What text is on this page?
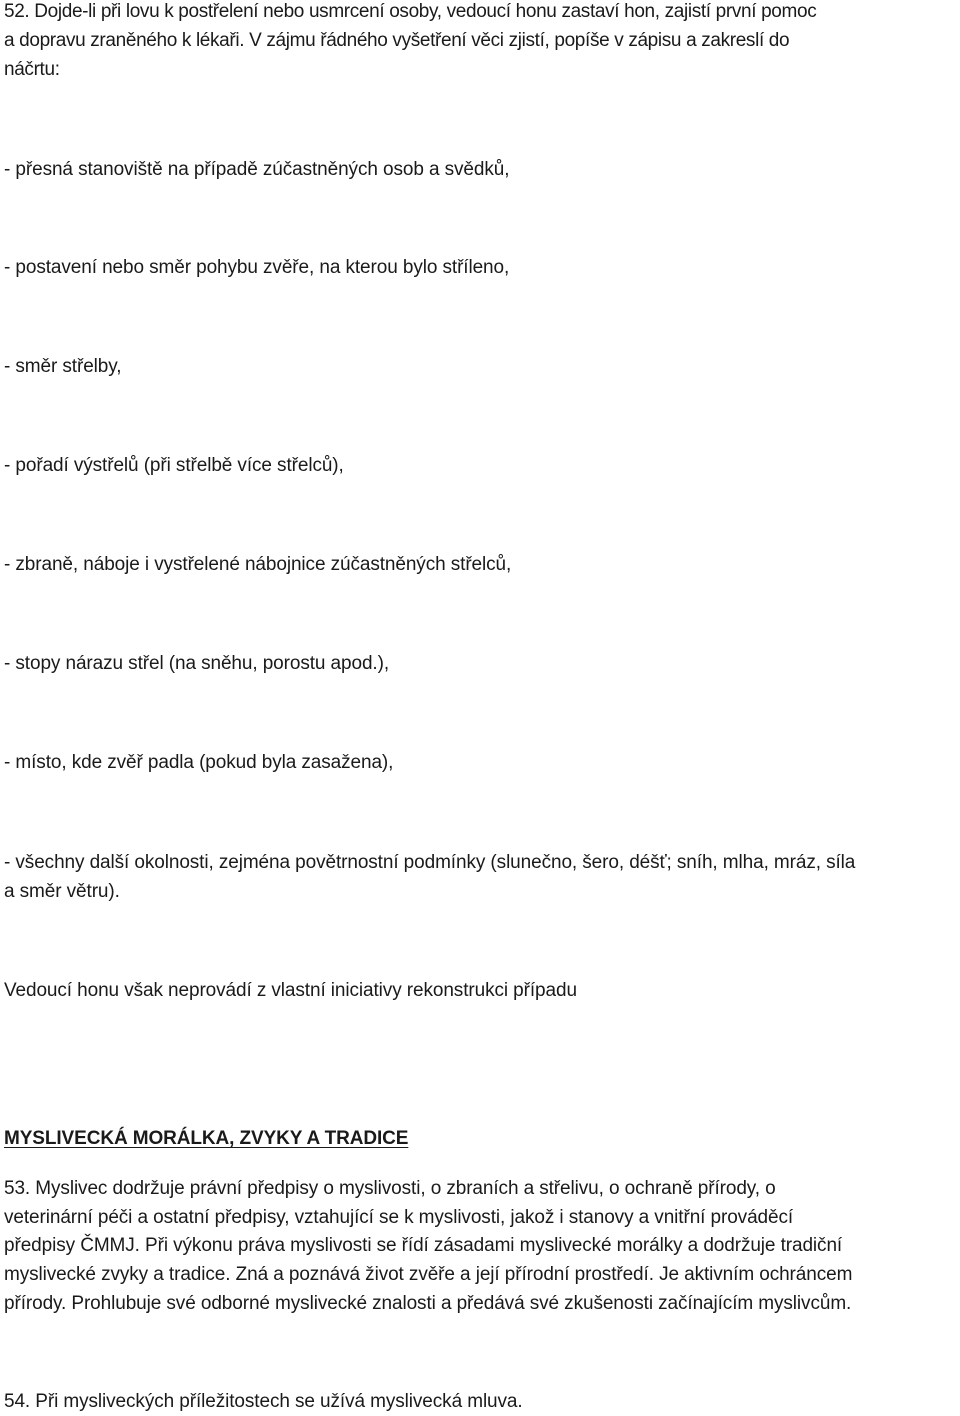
52. Dojde-li při lovu k postřelení nebo usmrcení osoby, vedoucí honu zastaví hon, zajistí první pomoc
a dopravu zraněného k lékaři. V zájmu řádného vyšetření věci zjistí, popíše v zápisu a zakreslí do
náčrtu:
- přesná stanoviště na případě zúčastněných osob a svědků,
- postavení nebo směr pohybu zvěře, na kterou bylo stříleno,
- směr střelby,
- pořadí výstřelů (při střelbě více střelců),
- zbraně, náboje i vystřelené nábojnice zúčastněných střelců,
- stopy nárazu střel (na sněhu, porostu apod.),
- místo, kde zvěř padla (pokud byla zasažena),
- všechny další okolnosti, zejména povětrnostní podmínky (slunečno, šero, déšť; sníh, mlha, mráz, síla
a směr větru).
Vedoucí honu však neprovádí z vlastní iniciativy rekonstrukci případu
MYSLIVECKÁ MORÁLKA, ZVYKY A TRADICE
53. Myslivec dodržuje právní předpisy o myslivosti, o zbraních a střelivu, o ochraně přírody, o
veterinární péči a ostatní předpisy, vztahující se k myslivosti, jakož i stanovy a vnitřní prováděcí
předpisy ČMMJ. Při výkonu práva myslivosti se řídí zásadami myslivecké morálky a dodržuje tradiční
myslivecké zvyky a tradice. Zná a poznává život zvěře a její přírodní prostředí. Je aktivním ochráncem
přírody. Prohlubuje své odborné myslivecké znalosti a předává své zkušenosti začínajícím myslivcům.
54. Při mysliveckých příležitostech se užívá myslivecká mluva.
